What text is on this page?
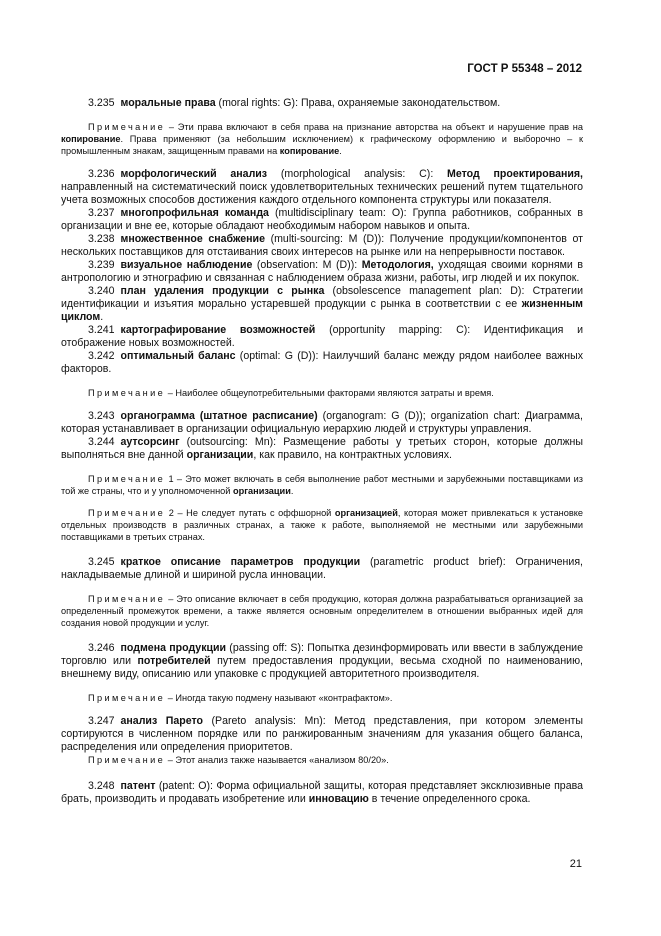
ГОСТ Р 55348 – 2012

3.235 моральные права (moral rights: G): Права, охраняемые законодательством.

Примечание – Эти права включают в себя права на признание авторства на объект и нарушение прав на копирование. Права применяют (за небольшим исключением) к графическому оформлению и выборочно – к промышленным знакам, защищенным правами на копирование.

3.236 морфологический анализ (morphological analysis: C): Метод проектирования, направленный на систематический поиск удовлетворительных технических решений путем тщательного учета возможных способов достижения каждого отдельного компонента структуры или показателя.

3.237 многопрофильная команда (multidisciplinary team: O): Группа работников, собранных в организации и вне ее, которые обладают необходимым набором навыков и опыта.

3.238 множественное снабжение (multi-sourcing: M (D)): Получение продукции/компонентов от нескольких поставщиков для отстаивания своих интересов на рынке или на непрерывности поставок.

3.239 визуальное наблюдение (observation: M (D)): Методология, уходящая своими корнями в антропологию и этнографию и связанная с наблюдением образа жизни, работы, игр людей и их покупок.

3.240 план удаления продукции с рынка (obsolescence management plan: D): Стратегии идентификации и изъятия морально устаревшей продукции с рынка в соответствии с ее жизненным циклом.

3.241 картографирование возможностей (opportunity mapping: C): Идентификация и отображение новых возможностей.

3.242 оптимальный баланс (optimal: G (D)): Наилучший баланс между рядом наиболее важных факторов.

Примечание – Наиболее общеупотребительными факторами являются затраты и время.

3.243 органограмма (штатное расписание) (organogram: G (D)); organization chart: Диаграмма, которая устанавливает в организации официальную иерархию людей и структуры управления.

3.244 аутсорсинг (outsourcing: Mn): Размещение работы у третьих сторон, которые должны выполняться вне данной организации, как правило, на контрактных условиях.

Примечание 1 – Это может включать в себя выполнение работ местными и зарубежными поставщиками из той же страны, что и у уполномоченной организации.

Примечание 2 – Не следует путать с оффшорной организацией, которая может привлекаться к установке отдельных производств в различных странах, а также к работе, выполняемой не местными или зарубежными поставщиками в третьих странах.

3.245 краткое описание параметров продукции (parametric product brief): Ограничения, накладываемые длиной и шириной русла инновации.

Примечание – Это описание включает в себя продукцию, которая должна разрабатываться организацией за определенный промежуток времени, а также является основным определителем в отношении выбранных идей для создания новой продукции и услуг.

3.246 подмена продукции (passing off: S): Попытка дезинформировать или ввести в заблуждение торговлю или потребителей путем предоставления продукции, весьма сходной по наименованию, внешнему виду, описанию или упаковке с продукцией авторитетного производителя.

Примечание – Иногда такую подмену называют «контрафактом».

3.247 анализ Парето (Pareto analysis: Mn): Метод представления, при котором элементы сортируются в численном порядке или по ранжированным значениям для указания общего баланса, распределения или определения приоритетов.

Примечание – Этот анализ также называется «анализом 80/20».

3.248 патент (patent: O): Форма официальной защиты, которая представляет эксклюзивные права брать, производить и продавать изобретение или инновацию в течение определенного срока.

21
